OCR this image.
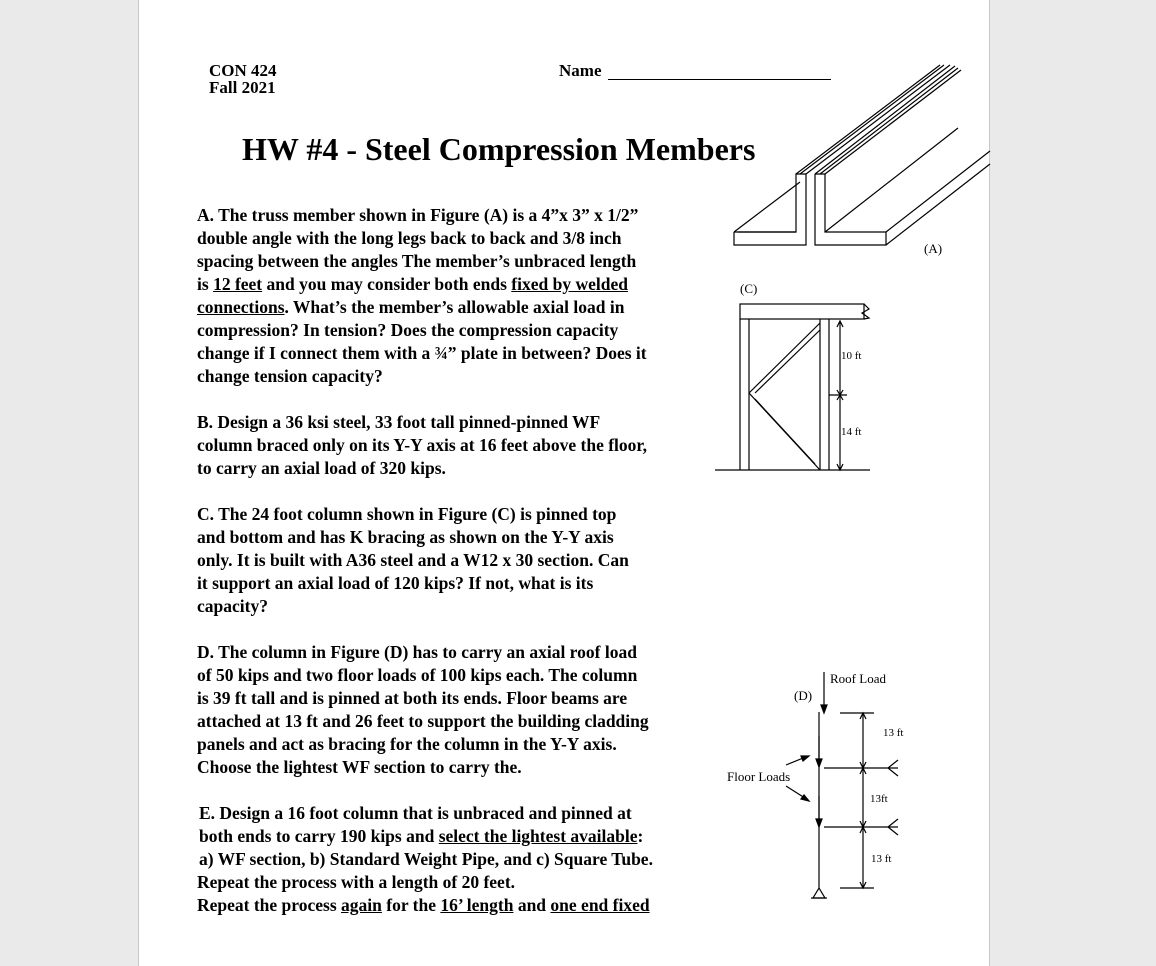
CON 424
Fall 2021
Name
HW #4 - Steel Compression Members
A. The truss member shown in Figure (A) is a 4”x 3” x 1/2”
double angle with the long legs back to back and 3/8 inch
spacing between the angles The member’s unbraced length
is 12 feet and you may consider both ends fixed by welded
connections. What’s the member’s allowable axial load in
compression? In tension? Does the compression capacity
change if I connect them with a ¾” plate in between? Does it
change tension capacity?
B. Design a 36 ksi steel, 33 foot tall pinned-pinned WF
column braced only on its Y-Y axis at 16 feet above the floor,
to carry an axial load of 320 kips.
C. The 24 foot column shown in Figure (C) is pinned top
and bottom and has K bracing as shown on the Y-Y axis
only. It is built with A36 steel and a W12 x 30 section. Can
it support an axial load of 120 kips? If not, what is its
capacity?
D. The column in Figure (D) has to carry an axial roof load
of 50 kips and two floor loads of 100 kips each. The column
is 39 ft tall and is pinned at both its ends. Floor beams are
attached at 13 ft and 26 feet to support the building cladding
panels and act as bracing for the column in the Y-Y axis.
Choose the lightest WF section to carry the.
E. Design a 16 foot column that is unbraced and pinned at
both ends to carry 190 kips and select the lightest available:
a) WF section, b) Standard Weight Pipe, and c) Square Tube.
Repeat the process with a length of 20 feet.
Repeat the process again for the 16’ length and one end fixed
(A)
(C)
10 ft
14 ft
(D)
Roof Load
Floor Loads
13 ft
13ft
13 ft
